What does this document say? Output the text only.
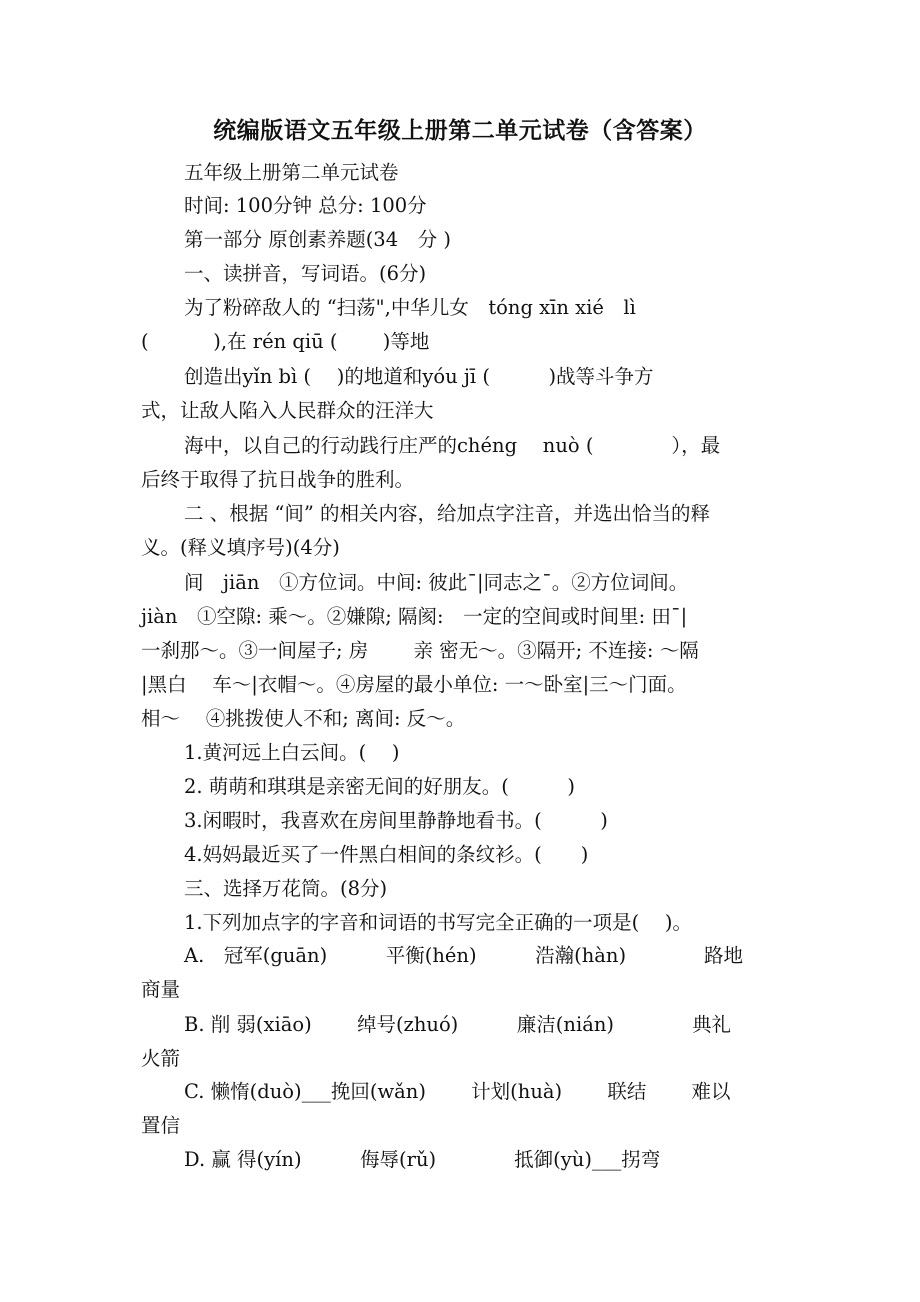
统编版语文五年级上册第二单元试卷（含答案）
五年级上册第二单元试卷
时间: 100分钟 总分: 100分
第一部分 原创素养题(34　分 )
一、读拼音，写词语。(6分)
为了粉碎敌人的 “扫荡",中华儿女　tóng xīn xié　lì
(　　　 ),在 rén qiū (　　 )等地
创造出yǐn bì (　 )的地道和yóu jī (　　　)战等斗争方
式，让敌人陷入人民群众的汪洋大
海中，以自己的行动践行庄严的chéng　 nuò (　　　　），最
后终于取得了抗日战争的胜利。
二 、根据 “间” 的相关内容，给加点字注音，并选出恰当的释
义。(释义填序号)(4分)
间　jiān　①方位词。中间: 彼此¯|同志之¯。②方位词间。
jiàn　①空隙: 乘～。②嫌隙; 隔阂:　一定的空间或时间里: 田¯|
一刹那～。③一间屋子; 房　　 亲 密无～。③隔开; 不连接: ～隔
|黑白　 车～|衣帽～。④房屋的最小单位: 一～卧室|三～门面。
相～　 ④挑拨使人不和; 离间: 反～。
1.黄河远上白云间。(　 )
2. 萌萌和琪琪是亲密无间的好朋友。(　　　)
3.闲暇时，我喜欢在房间里静静地看书。(　　　)
4.妈妈最近买了一件黑白相间的条纹衫。(　　)
三、选择万花筒。(8分)
1.下列加点字的字音和词语的书写完全正确的一项是(　 )。
A.　冠军(guān)　　　平衡(hén)　　　浩瀚(hàn)　　　　路地
商量
B. 削 弱(xiāo)　　 绰号(zhuó)　　　廉洁(nián)　　　　典礼
火箭
C. 懒惰(duò)___挽回(wǎn)　　 计划(huà)　　 联结　　 难以
置信
D. 赢 得(yín)　　　侮辱(rǔ)　　　　抵御(yù)___拐弯
